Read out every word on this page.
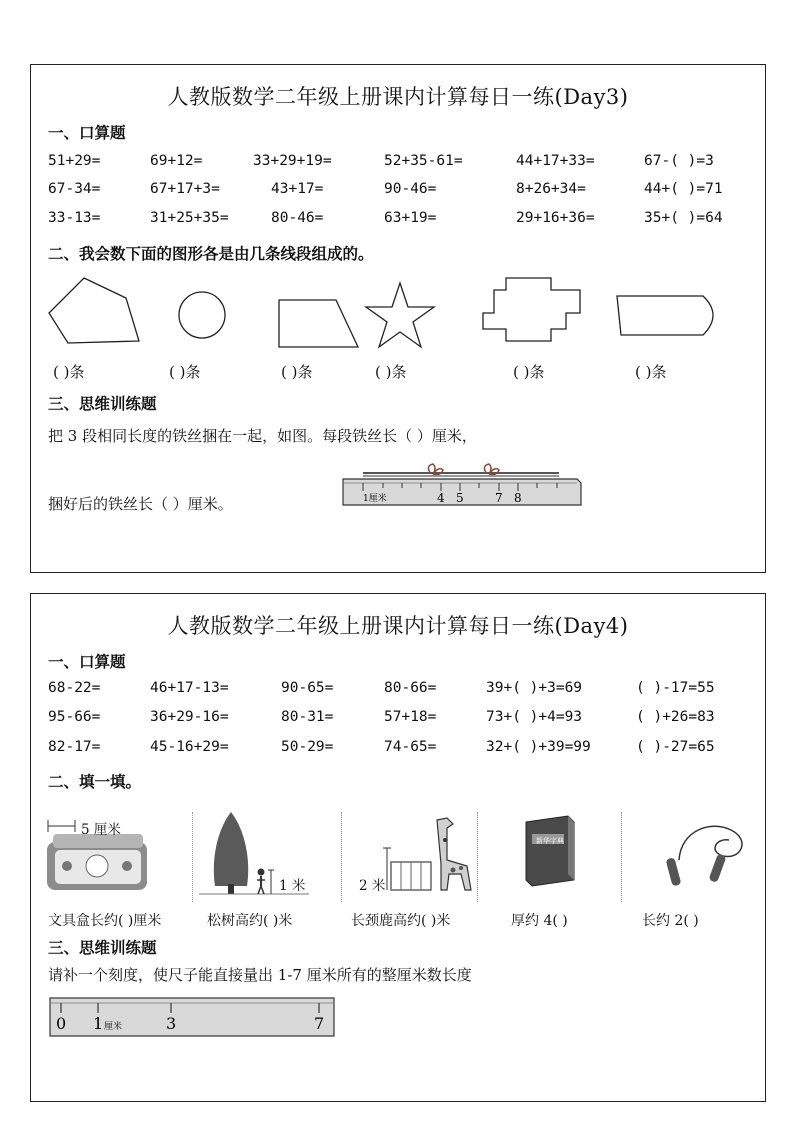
人教版数学二年级上册课内计算每日一练(Day3)
一、口算题
51+29=	69+12=	33+29+19=	52+35-61=	44+17+33=	67-( )=3
67-34=	67+17+3=	43+17=	90-46=	8+26+34=	44+( )=71
33-13=	31+25+35=	80-46=	63+19=	29+16+36=	35+( )=64
二、我会数下面的图形各是由几条线段组成的。
( )条	( )条	( )条	( )条	( )条	( )条
三、思维训练题
把 3 段相同长度的铁丝捆在一起，如图。每段铁丝长（ ）厘米，
捆好后的铁丝长（ ）厘米。	1厘米	4 5	7 8
人教版数学二年级上册课内计算每日一练(Day4)
一、口算题
68-22=	46+17-13=	90-65=	80-66=	39+( )+3=69	( )-17=55
95-66=	36+29-16=	80-31=	57+18=	73+( )+4=93	( )+26=83
82-17=	45-16+29=	50-29=	74-65=	32+( )+39=99	( )-27=65
二、填一填。
5 厘米
1 米	2 米
新华字典
文具盒长约( )厘米	松树高约( )米	长颈鹿高约( )米	厚约 4( )	长约 2( )
三、思维训练题
请补一个刻度，使尺子能直接量出 1-7 厘米所有的整厘米数长度
0 1 厘米	3	7
